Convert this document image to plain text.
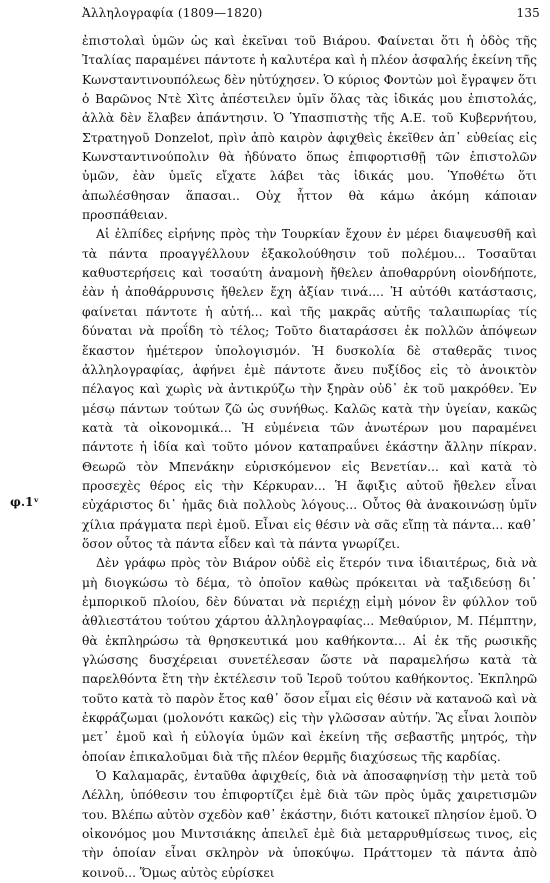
Ἀλληλογραφία (1809—1820)	135
φ.1ᵛ

ἐπιστολαὶ ὑμῶν ὡς καὶ ἐκεῖναι τοῦ Βιάρου. Φαίνεται ὅτι ἡ ὁδὸς τῆς Ἰταλίας παραμένει πάντοτε ἡ καλυτέρα καὶ ἡ πλέον ἀσφαλής ἐκείνη τῆς Κωνσταντινουπόλεως δὲν ηὐτύχησεν. Ὁ κύριος Φοντὼν μοὶ ἔγραψεν ὅτι ὁ Βαρῶνος Ντὲ Χὶτς ἀπέστειλεν ὑμῖν ὅλας τὰς ἰδικάς μου ἐπιστολάς, ἀλλὰ δὲν ἔλαβεν ἀπάντησιν. Ὁ Ὑπασπιστὴς τῆς Α.Ε. τοῦ Κυβερνήτου, Στρατηγοῦ Donzelot, πρὶν ἀπὸ καιρὸν ἀφιχθεὶς ἐκεῖθεν ἀπ᾿ εὐθείας εἰς Κωνσταντινούπολιν θὰ ἠδύνατο ὅπως ἐπιφορτισθῇ τῶν ἐπιστολῶν ὑμῶν, ἐὰν ὑμεῖς εἴχατε λάβει τὰς ἰδικάς μου. Ὑποθέτω ὅτι ἀπωλέσθησαν ἅπασαι.. Οὐχ ἧττον θὰ κάμω ἀκόμη κάποιαν προσπάθειαν.

Αἱ ἐλπίδες εἰρήνης πρὸς τὴν Τουρκίαν ἔχουν ἐν μέρει διαψευσθῆ καὶ τὰ πάντα προαγγέλλουν ἐξακολούθησιν τοῦ πολέμου... Τοσαῦται καθυστερήσεις καὶ τοσαύτη ἀναμονὴ ἤθελεν ἀποθαρρύνη οἰονδήποτε, ἐὰν ἡ ἀποθάρρυνσις ἤθελεν ἔχη ἀξίαν τινά.... Ἡ αὐτόθι κατάστασις, φαίνεται πάντοτε ἡ αὐτή... καὶ τῆς μακρᾶς αὐτῆς ταλαιπωρίας τίς δύναται νὰ προΐδη τὸ τέλος; Τοῦτο διαταράσσει ἐκ πολλῶν ἀπόψεων ἕκαστον ἡμέτερον ὑπολογισμόν. Ἡ δυσκολία δὲ σταθερᾶς τινος ἀλληλογραφίας, ἀφήνει ἐμὲ πάντοτε ἄνευ πυξίδος εἰς τὸ ἀνοικτὸν πέλαγος καὶ χωρὶς νὰ ἀντικρύζω τὴν ξηρὰν οὐδ᾿ ἐκ τοῦ μακρόθεν. Ἐν μέσῳ πάντων τούτων ζῶ ὡς συνήθως. Καλῶς κατὰ τὴν ὑγείαν, κακῶς κατὰ τὰ οἰκονομικά... Ἡ εὐμένεια τῶν ἀνωτέρων μου παραμένει πάντοτε ἡ ἰδία καὶ τοῦτο μόνον καταπραΰνει ἑκάστην ἄλλην πίκραν. Θεωρῶ τὸν Μπενάκην εὑρισκόμενον εἰς Βενετίαν... καὶ κατὰ τὸ προσεχὲς θέρος εἰς τὴν Κέρκυραν... Ἡ ἄφιξις αὐτοῦ ἤθελεν εἶναι εὐχάριστος δι᾿ ἡμᾶς διὰ πολλοὺς λόγους... Οὗτος θὰ ἀνακοινώσῃ ὑμῖν χίλια πράγματα περὶ ἐμοῦ. Εἶναι εἰς θέσιν νὰ σᾶς εἴπῃ τὰ πάντα... καθ᾿ ὅσον οὗτος τὰ πάντα εἶδεν καὶ τὰ πάντα γνωρίζει.

Δὲν γράφω πρὸς τὸν Βιάρον οὐδὲ εἰς ἕτερόν τινα ἰδιαιτέρως, διὰ νὰ μὴ διογκώσω τὸ δέμα, τὸ ὁποῖον καθὼς πρόκειται νὰ ταξιδεύσῃ δι᾿ ἐμπορικοῦ πλοίου, δὲν δύναται νὰ περιέχῃ εἰμὴ μόνον ἓν φύλλον τοῦ ἀθλιεστάτου τούτου χάρτου ἀλληλογραφίας... Μεθαύριον, Μ. Πέμπτην, θὰ ἐκπληρώσω τὰ θρησκευτικά μου καθήκοντα... Αἱ ἐκ τῆς ρωσικῆς γλώσσης δυσχέρειαι συνετέλεσαν ὥστε νὰ παραμελήσω κατὰ τὰ παρελθόντα ἔτη τὴν ἐκτέλεσιν τοῦ Ἱεροῦ τούτου καθήκοντος. Ἐκπληρῶ τοῦτο κατὰ τὸ παρὸν ἔτος καθ᾿ ὅσον εἶμαι εἰς θέσιν νὰ κατανοῶ καὶ νὰ ἐκφράζωμαι (μολονότι κακῶς) εἰς τὴν γλῶσσαν αὐτήν. Ἂς εἶναι λοιπὸν μετ᾿ ἐμοῦ καὶ ἡ εὐλογία ὑμῶν καὶ ἐκείνη τῆς σεβαστῆς μητρός, τὴν ὁποίαν ἐπικαλοῦμαι διὰ τῆς πλέον θερμῆς διαχύσεως τῆς καρδίας.

Ὁ Καλαμαρᾶς, ἐνταῦθα ἀφιχθείς, διὰ νὰ ἀποσαφηνίσῃ τὴν μετὰ τοῦ Λέλλη, ὑπόθεσιν του ἐπιφορτίζει ἐμὲ διὰ τῶν πρὸς ὑμᾶς χαιρετισμῶν του. Βλέπω αὐτὸν σχεδὸν καθ᾿ ἑκάστην, διότι κατοικεῖ πλησίον ἐμοῦ. Ὁ οἰκονόμος μου Μιντσιάκης ἀπειλεῖ ἐμὲ διὰ μεταρρυθμίσεως τινος, εἰς τὴν ὁποίαν εἶναι σκληρὸν νὰ ὑποκύψω. Πράττομεν τὰ πάντα ἀπὸ κοινοῦ... Ὅμως αὐτὸς εὑρίσκει
